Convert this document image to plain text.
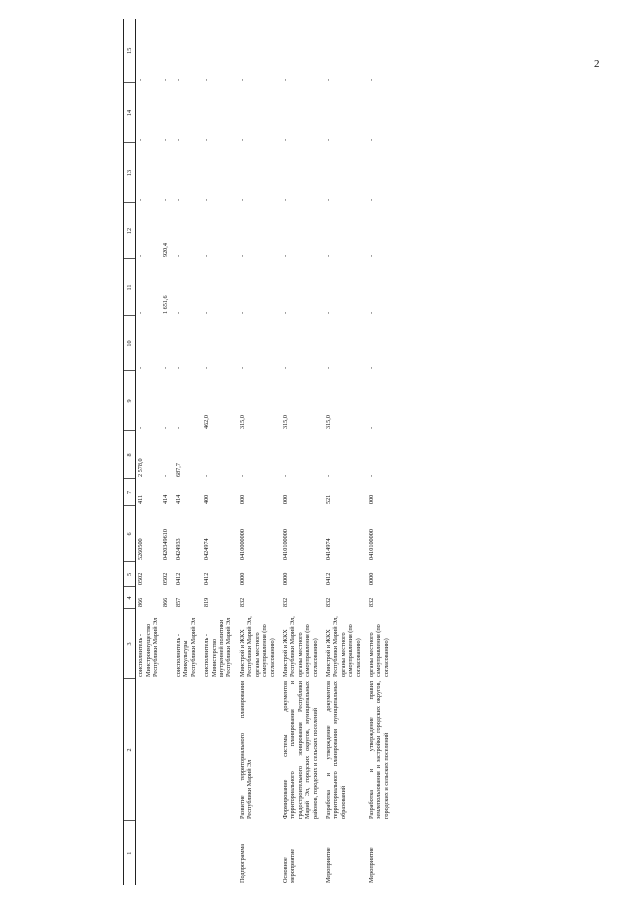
2
1	2	3	4	5	6	7	8	9	10	11	12	13	14	15
		соисполнитель - Минстроимущество Республики Марий Эл	866	0502	5260500	411	2 578,0	-	-	-	-	-	-	-
			866	0502	0420349610	414	-	-	-	1 651,6	920,4	-	-	-
		соисполнитель - Минкультуры Республики Марий Эл	857	0412	0424933	414	687,7	-	-	-	-	-	-	-
		соисполнитель - Министерство внутренней политики Республики Марий Эл	819	0412	0424974	400	-	462,0	-	-	-	-	-	-
Подпрограмма	Развитие территориального планирования Республики Марий Эл	Минстрой и ЖКХ Республики Марий Эл, органы местного самоуправления (по согласованию)	832	0000	0410000000	000	-	315,0	-	-	-	-	-	-
Основное мероприятие	Формирование системы документов территориального планирования и градостроительного зонирования Республики Марий Эл, городских округов, муниципальных районов, городских и сельских поселений	Минстрой и ЖКХ Республики Марий Эл, органы местного самоуправления (по согласованию)	832	0000	0410100000	000	-	315,0	-	-	-	-	-	-
Мероприятие	Разработка и утверждение документов территориального планирования муниципальных образований	Минстрой и ЖКХ Республики Марий Эл, органы местного самоуправления (по согласованию)	832	0412	0414974	521	-	315,0	-	-	-	-	-	-
Мероприятие	Разработка и утверждение правил землепользования и застройки городских округов, городских и сельских поселений	органы местного самоуправления (по согласованию)	832	0000	0410100000	000	-	-	-	-	-	-	-	-
